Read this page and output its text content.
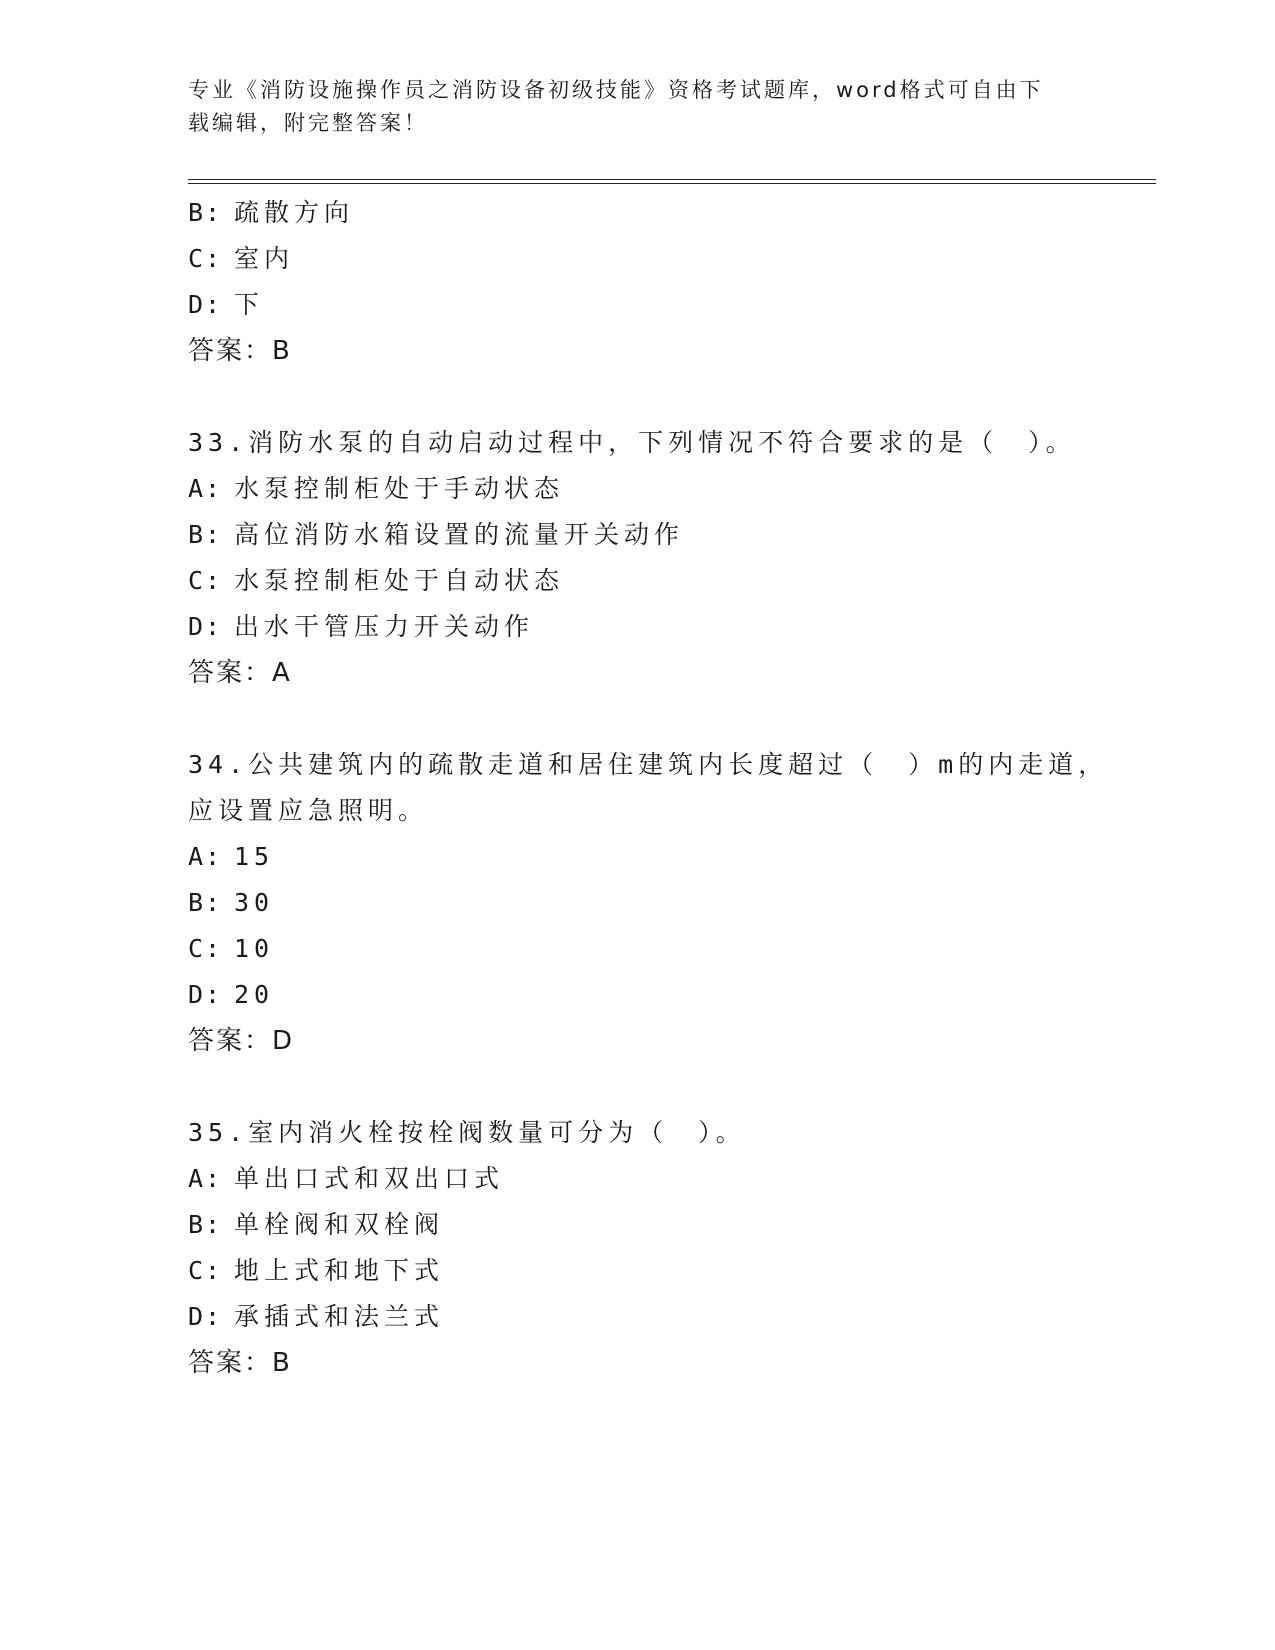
专业《消防设施操作员之消防设备初级技能》资格考试题库，word格式可自由下

载编辑，附完整答案！

B: 疏散方向
C: 室内
D: 下
答案：B
33.消防水泵的自动启动过程中，下列情况不符合要求的是（　）。
A: 水泵控制柜处于手动状态
B: 高位消防水箱设置的流量开关动作
C: 水泵控制柜处于自动状态
D: 出水干管压力开关动作
答案：A
34.公共建筑内的疏散走道和居住建筑内长度超过（　）m的内走道，
应设置应急照明。
A: 15
B: 30
C: 10
D: 20
答案：D
35.室内消火栓按栓阀数量可分为（　）。
A: 单出口式和双出口式
B: 单栓阀和双栓阀
C: 地上式和地下式
D: 承插式和法兰式
答案：B
